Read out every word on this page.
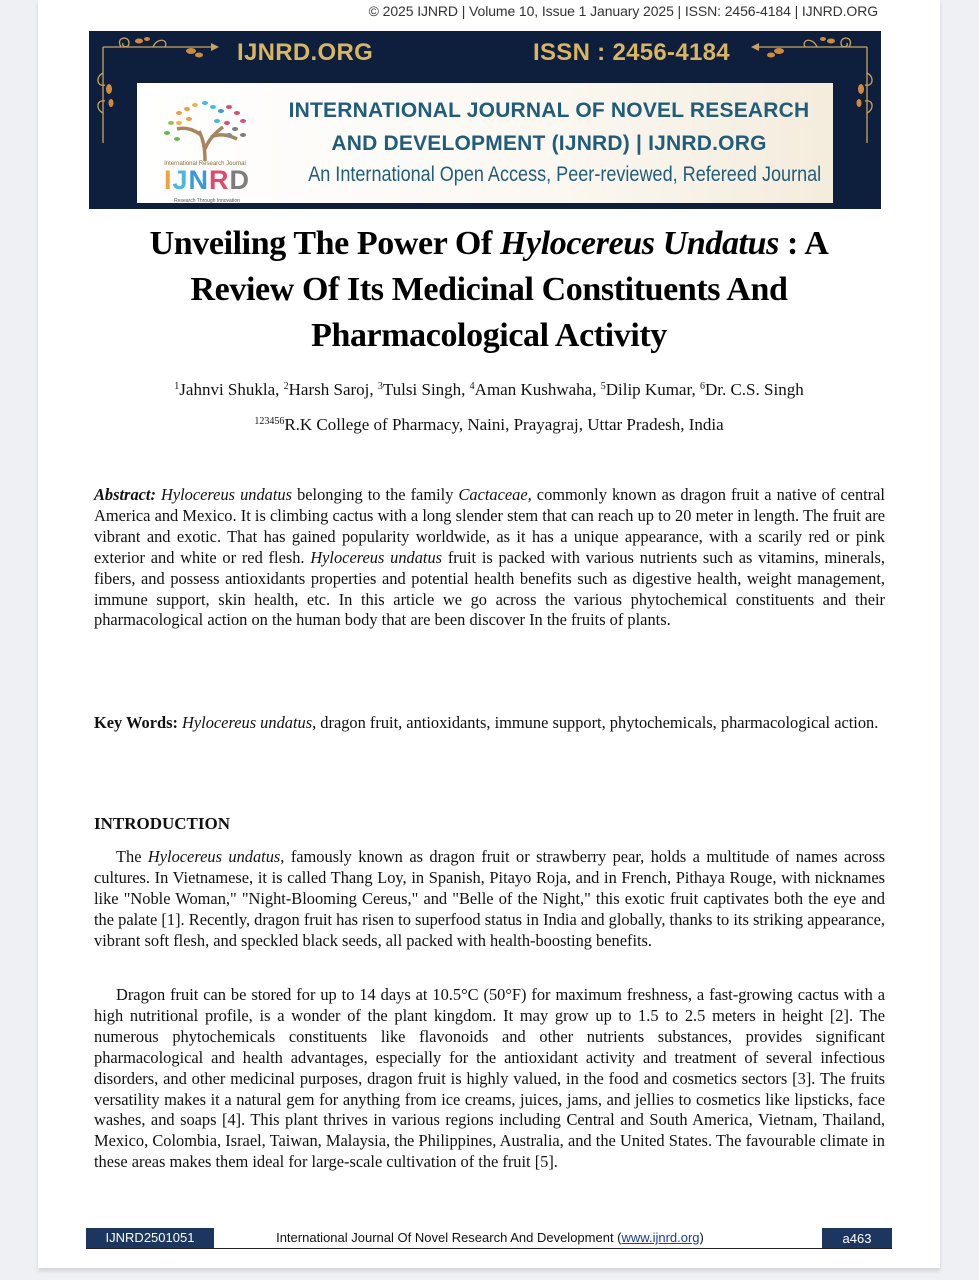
© 2025 IJNRD | Volume 10, Issue 1 January 2025 | ISSN: 2456-4184 | IJNRD.ORG
IJNRD.ORG	ISSN : 2456-4184
International Research Journal
IJNRD
Research Through Innovation
INTERNATIONAL JOURNAL OF NOVEL RESEARCH
AND DEVELOPMENT (IJNRD) | IJNRD.ORG
An International Open Access, Peer-reviewed, Refereed Journal
Unveiling The Power Of Hylocereus Undatus : A Review Of Its Medicinal Constituents And Pharmacological Activity
$^1$Jahnvi Shukla, $^2$Harsh Saroj, $^3$Tulsi Singh, $^4$Aman Kushwaha, $^5$Dilip Kumar, $^6$Dr. C.S. Singh
$^{123456}$R.K College of Pharmacy, Naini, Prayagraj, Uttar Pradesh, India
Abstract: Hylocereus undatus belonging to the family Cactaceae, commonly known as dragon fruit a native of central America and Mexico. It is climbing cactus with a long slender stem that can reach up to 20 meter in length. The fruit are vibrant and exotic. That has gained popularity worldwide, as it has a unique appearance, with a scarily red or pink exterior and white or red flesh. Hylocereus undatus fruit is packed with various nutrients such as vitamins, minerals, fibers, and possess antioxidants properties and potential health benefits such as digestive health, weight management, immune support, skin health, etc. In this article we go across the various phytochemical constituents and their pharmacological action on the human body that are been discover In the fruits of plants.
Key Words: Hylocereus undatus, dragon fruit, antioxidants, immune support, phytochemicals, pharmacological action.
INTRODUCTION
The Hylocereus undatus, famously known as dragon fruit or strawberry pear, holds a multitude of names across cultures. In Vietnamese, it is called Thang Loy, in Spanish, Pitayo Roja, and in French, Pithaya Rouge, with nicknames like "Noble Woman," "Night-Blooming Cereus," and "Belle of the Night," this exotic fruit captivates both the eye and the palate [1]. Recently, dragon fruit has risen to superfood status in India and globally, thanks to its striking appearance, vibrant soft flesh, and speckled black seeds, all packed with health-boosting benefits.
Dragon fruit can be stored for up to 14 days at 10.5°C (50°F) for maximum freshness, a fast-growing cactus with a high nutritional profile, is a wonder of the plant kingdom. It may grow up to 1.5 to 2.5 meters in height [2]. The numerous phytochemicals constituents like flavonoids and other nutrients substances, provides significant pharmacological and health advantages, especially for the antioxidant activity and treatment of several infectious disorders, and other medicinal purposes, dragon fruit is highly valued, in the food and cosmetics sectors [3]. The fruits versatility makes it a natural gem for anything from ice creams, juices, jams, and jellies to cosmetics like lipsticks, face washes, and soaps [4]. This plant thrives in various regions including Central and South America, Vietnam, Thailand, Mexico, Colombia, Israel, Taiwan, Malaysia, the Philippines, Australia, and the United States. The favourable climate in these areas makes them ideal for large-scale cultivation of the fruit [5].
IJNRD2501051	International Journal Of Novel Research And Development (www.ijnrd.org)	a463
